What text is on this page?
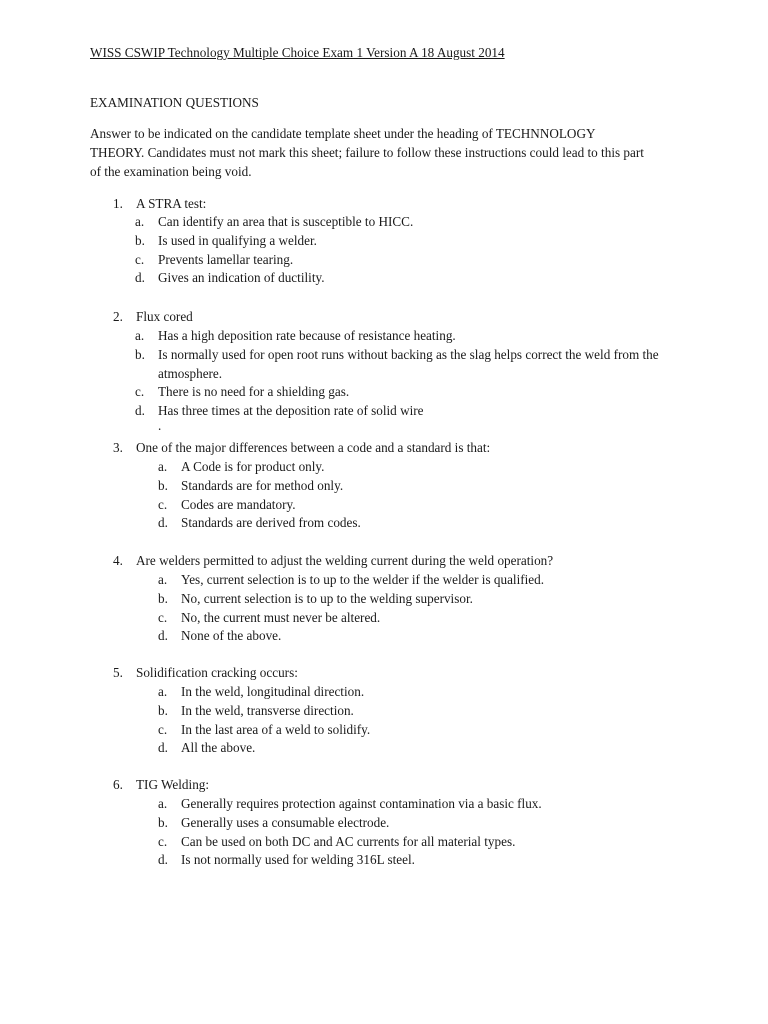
WISS CSWIP Technology Multiple Choice Exam 1 Version A 18 August 2014
EXAMINATION QUESTIONS
Answer to be indicated on the candidate template sheet under the heading of TECHNNOLOGY THEORY. Candidates must not mark this sheet; failure to follow these instructions could lead to this part of the examination being void.
1. A STRA test:
a. Can identify an area that is susceptible to HICC.
b. Is used in qualifying a welder.
c. Prevents lamellar tearing.
d. Gives an indication of ductility.
2. Flux cored
a. Has a high deposition rate because of resistance heating.
b. Is normally used for open root runs without backing as the slag helps correct the weld from the atmosphere.
c. There is no need for a shielding gas.
d. Has three times at the deposition rate of solid wire
.
3. One of the major differences between a code and a standard is that:
a. A Code is for product only.
b. Standards are for method only.
c. Codes are mandatory.
d. Standards are derived from codes.
4. Are welders permitted to adjust the welding current during the weld operation?
a. Yes, current selection is to up to the welder if the welder is qualified.
b. No, current selection is to up to the welding supervisor.
c. No, the current must never be altered.
d. None of the above.
5. Solidification cracking occurs:
a. In the weld, longitudinal direction.
b. In the weld, transverse direction.
c. In the last area of a weld to solidify.
d. All the above.
6. TIG Welding:
a. Generally requires protection against contamination via a basic flux.
b. Generally uses a consumable electrode.
c. Can be used on both DC and AC currents for all material types.
d. Is not normally used for welding 316L steel.
